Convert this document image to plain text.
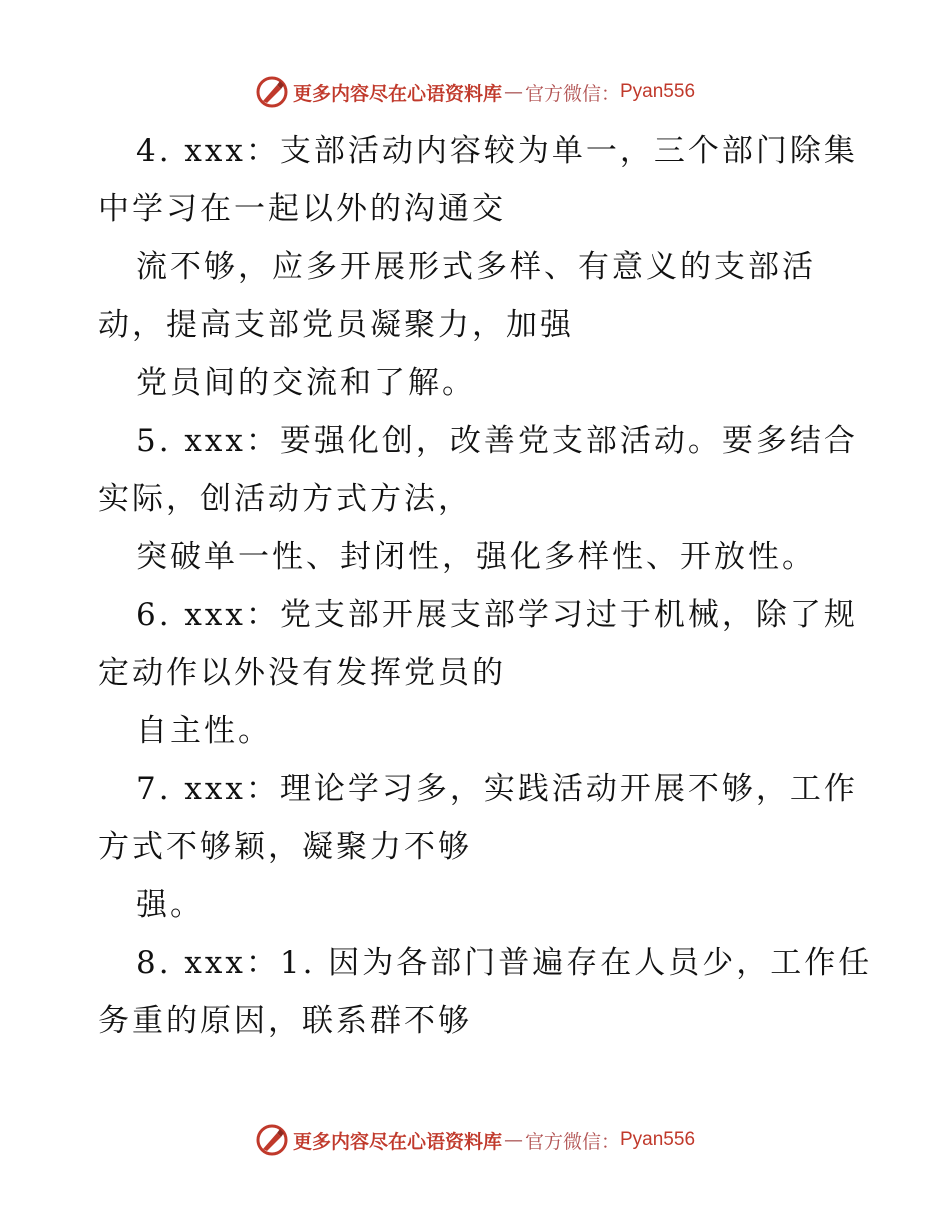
更多内容尽在心语资料库 — 官方微信： Pyan556
4. xxx：支部活动内容较为单一，三个部门除集
中学习在一起以外的沟通交
流不够，应多开展形式多样、有意义的支部活
动，提高支部党员凝聚力，加强
党员间的交流和了解。
5. xxx：要强化创，改善党支部活动。要多结合
实际，创活动方式方法，
突破单一性、封闭性，强化多样性、开放性。
6. xxx：党支部开展支部学习过于机械，除了规
定动作以外没有发挥党员的
自主性。
7. xxx：理论学习多，实践活动开展不够，工作
方式不够颖，凝聚力不够
强。
8. xxx：1. 因为各部门普遍存在人员少，工作任
务重的原因，联系群不够
更多内容尽在心语资料库 — 官方微信： Pyan556
